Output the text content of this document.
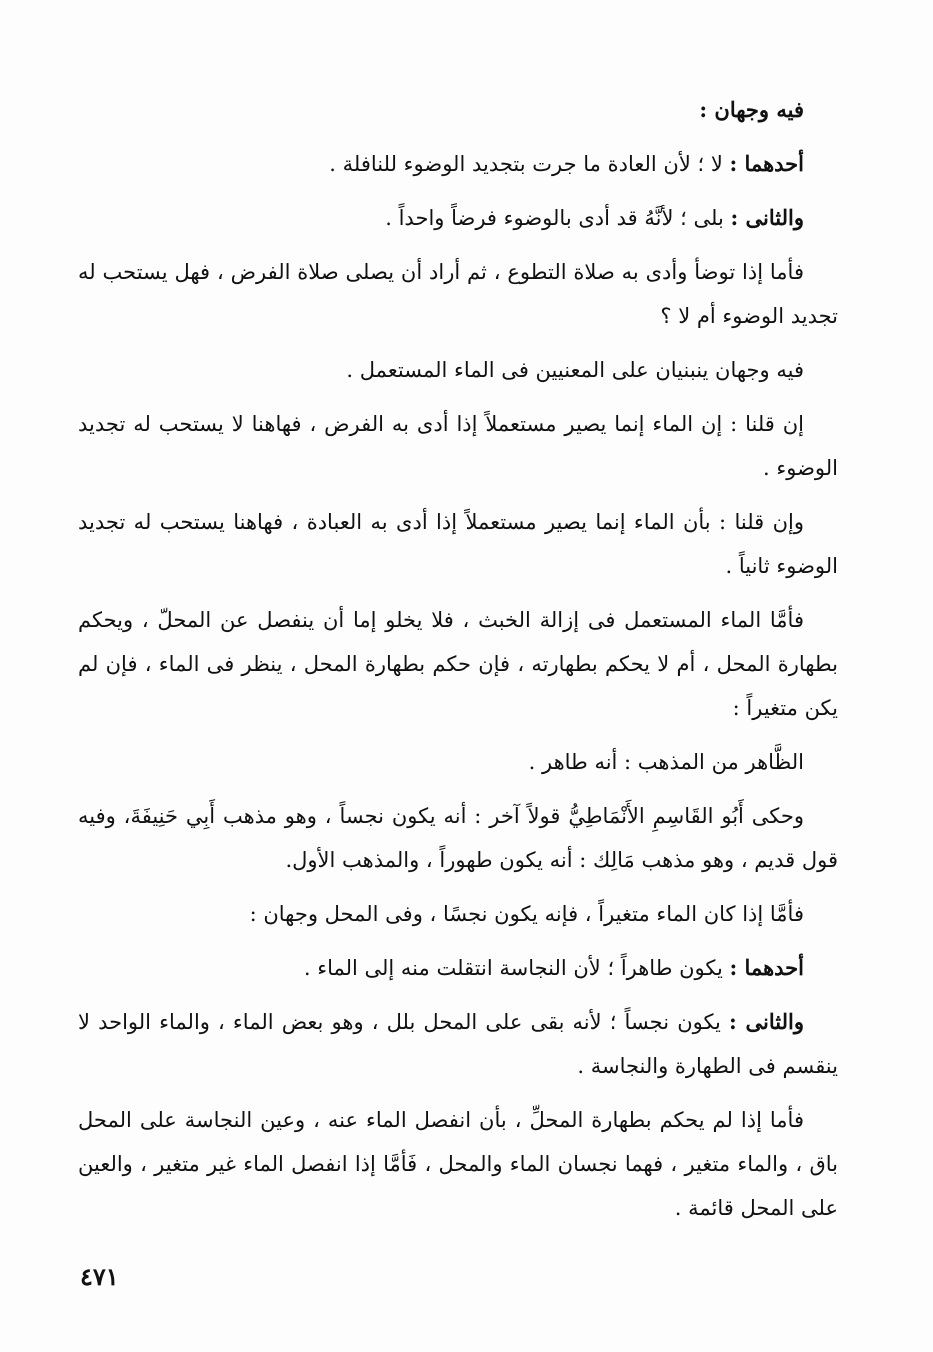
فيه وجهان :

أحدهما : لا ؛ لأن العادة ما جرت بتجديد الوضوء للنافلة .

والثانى : بلى ؛ لأنَّهُ قد أدى بالوضوء فرضاً واحداً .

فأما إذا توضأ وأدى به صلاة التطوع ، ثم أراد أن يصلى صلاة الفرض ، فهل يستحب له تجديد الوضوء أم لا ؟

فيه وجهان ينبنيان على المعنيين فى الماء المستعمل .

إن قلنا : إن الماء إنما يصير مستعملاً إذا أدى به الفرض ، فهاهنا لا يستحب له تجديد الوضوء .

وإن قلنا : بأن الماء إنما يصير مستعملاً إذا أدى به العبادة ، فهاهنا يستحب له تجديد الوضوء ثانياً .

فأمَّا الماء المستعمل فى إزالة الخبث ، فلا يخلو إما أن ينفصل عن المحلّ ، ويحكم بطهارة المحل ، أم لا يحكم بطهارته ، فإن حكم بطهارة المحل ، ينظر فى الماء ، فإن لم يكن متغيراً :

الظَّاهر من المذهب : أنه طاهر .

وحكى أَبُو القَاسِمِ الأَنْمَاطِيُّ قولاً آخر : أنه يكون نجساً ، وهو مذهب أَبِي حَنِيفَةَ، وفيه قول قديم ، وهو مذهب مَالِك : أنه يكون طهوراً ، والمذهب الأول.

فأمَّا إذا كان الماء متغيراً ، فإنه يكون نجسًا ، وفى المحل وجهان :

أحدهما : يكون طاهراً ؛ لأن النجاسة انتقلت منه إلى الماء .

والثانى : يكون نجساً ؛ لأنه بقى على المحل بلل ، وهو بعض الماء ، والماء الواحد لا ينقسم فى الطهارة والنجاسة .

فأما إذا لم يحكم بطهارة المحلِّ ، بأن انفصل الماء عنه ، وعين النجاسة على المحل باق ، والماء متغير ، فهما نجسان الماء والمحل ، فَأمَّا إذا انفصل الماء غير متغير ، والعين على المحل قائمة .

٤٧١
